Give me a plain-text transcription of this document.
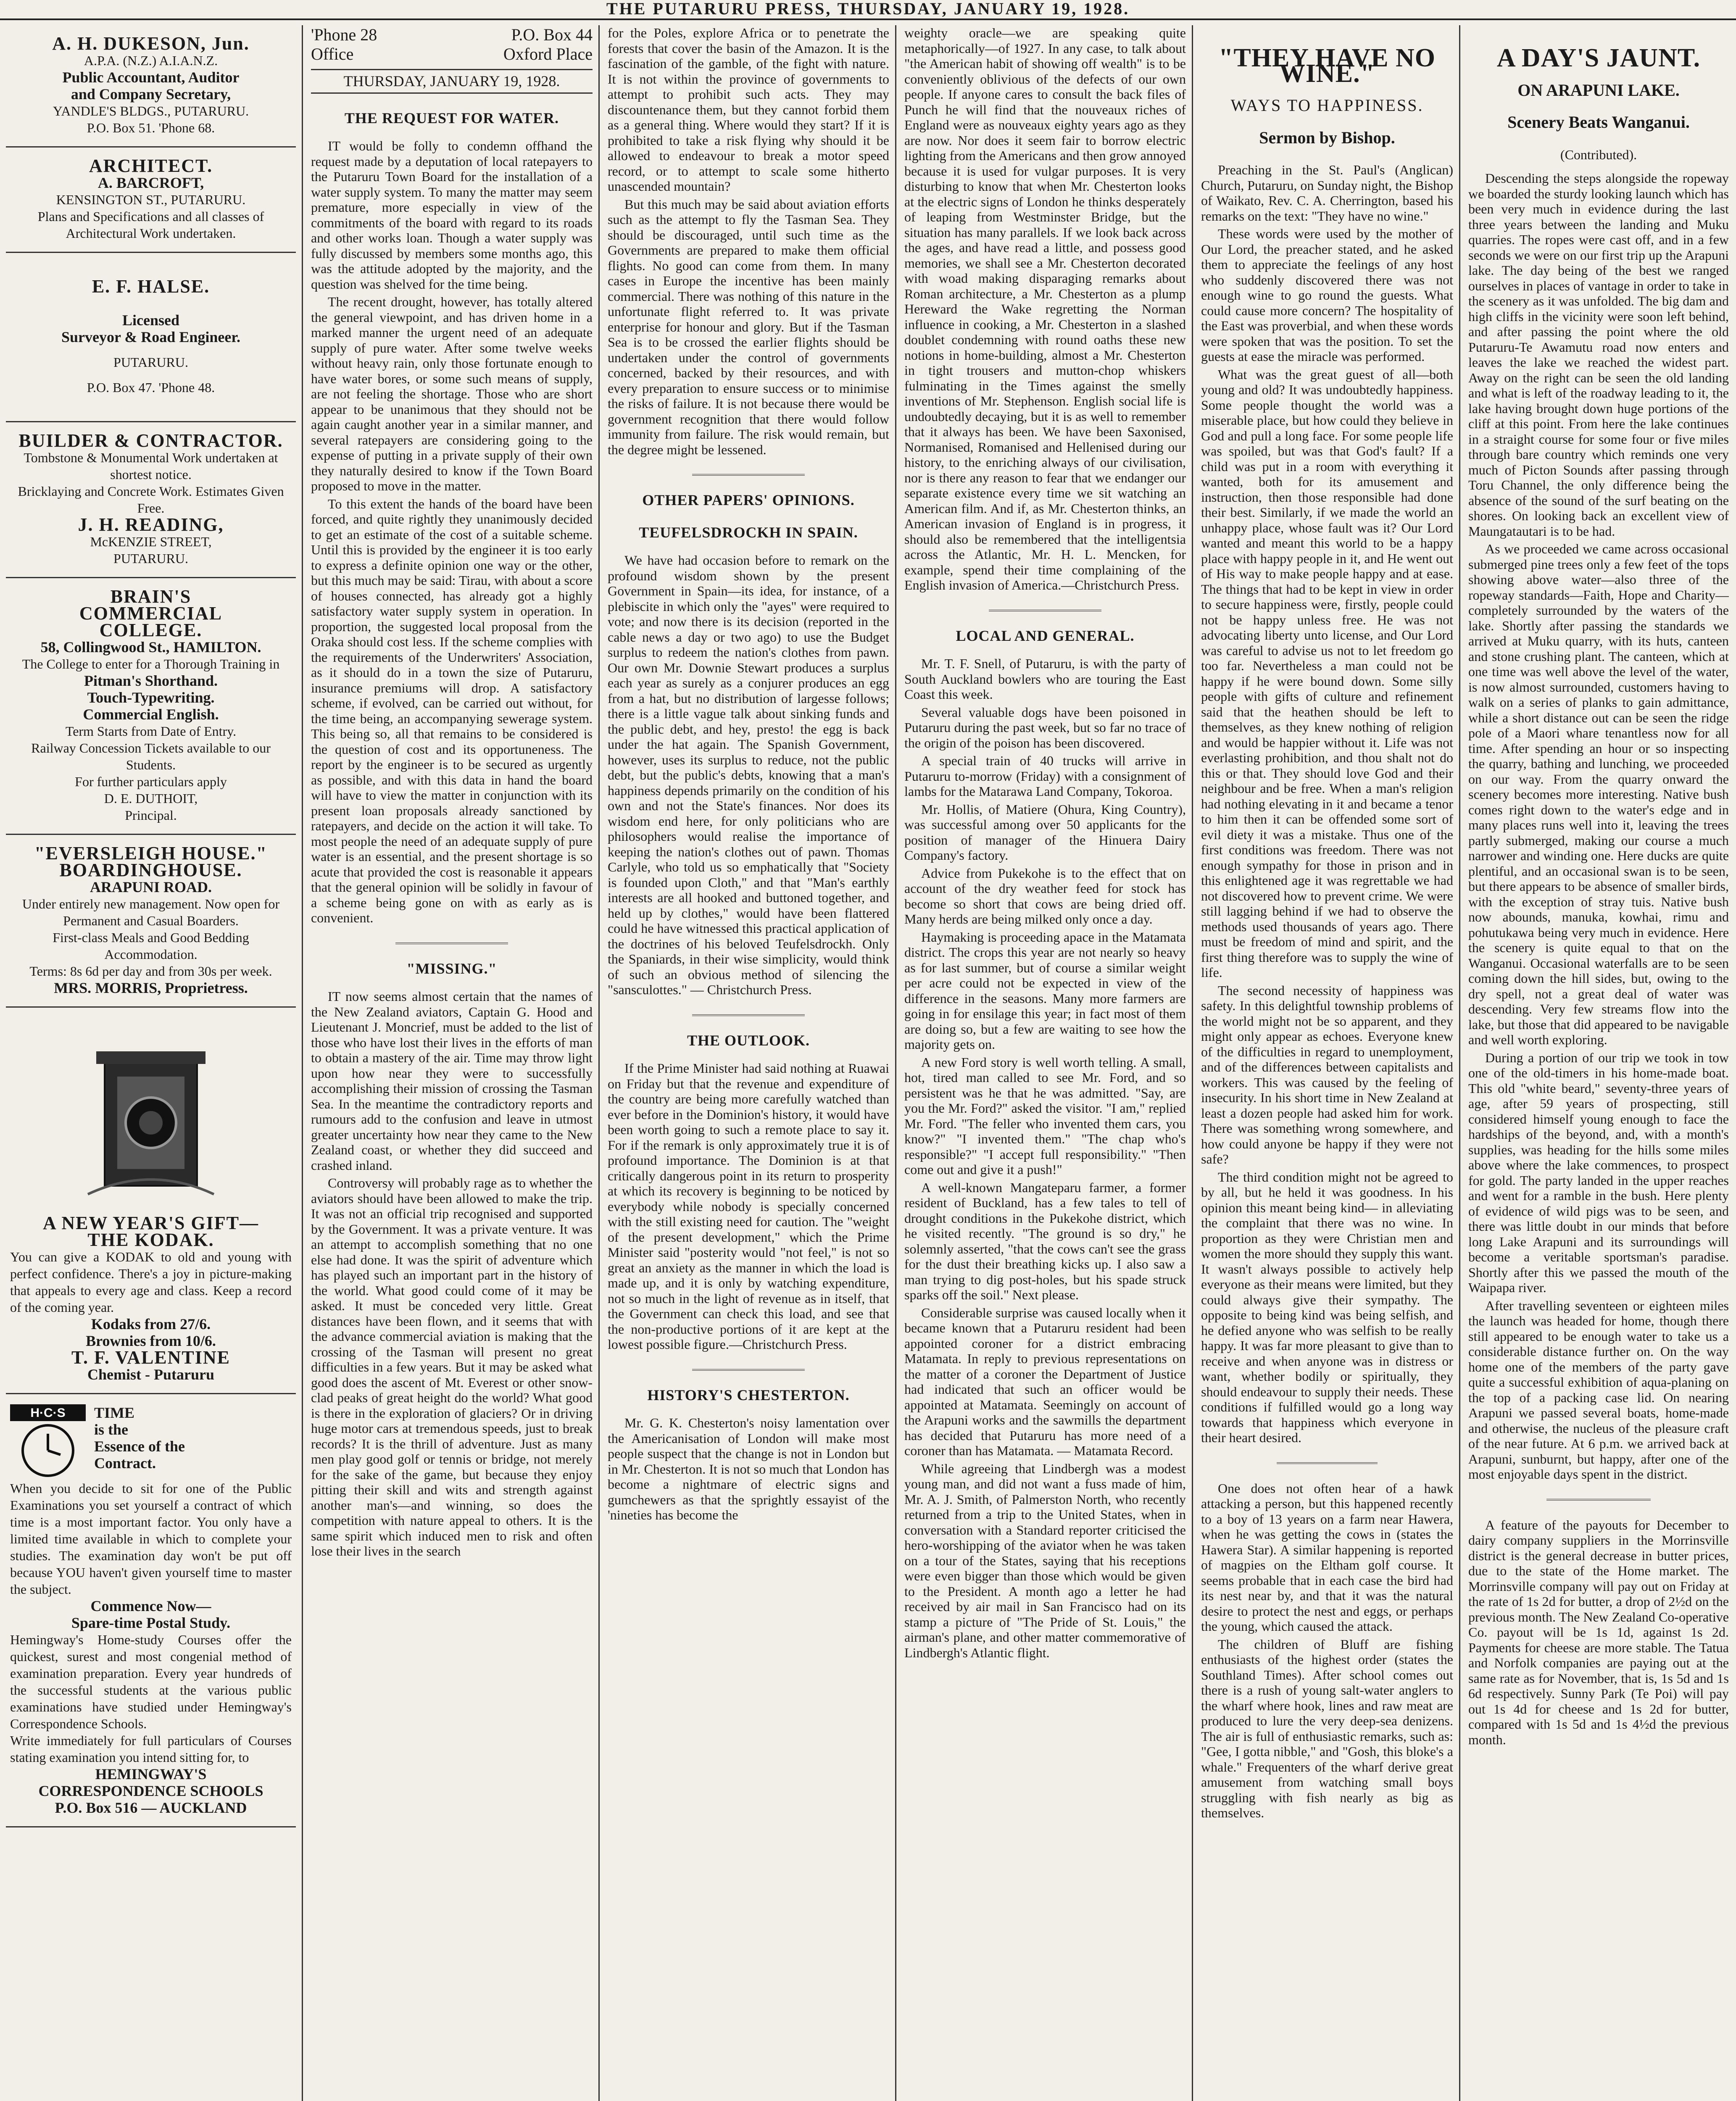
THE PUTARURU PRESS, THURSDAY, JANUARY 19, 1928.
A. H. DUKESON, Jun.
A.P.A. (N.Z.) A.I.A.N.Z.
Public Accountant, Auditor
and Company Secretary,
YANDLE'S BLDGS., PUTARURU.
P.O. Box 51. 'Phone 68.
ARCHITECT.
A. BARCROFT,
KENSINGTON ST., PUTARURU.
Plans and Specifications and all classes of Architectural Work undertaken.
E. F. HALSE.
Licensed
Surveyor & Road Engineer.
PUTARURU.
P.O. Box 47. 'Phone 48.
BUILDER & CONTRACTOR.
Tombstone & Monumental Work undertaken at shortest notice.
Bricklaying and Concrete Work. Estimates Given Free.
J. H. READING,
McKENZIE STREET,
PUTARURU.
BRAIN'S
COMMERCIAL
COLLEGE.
58, Collingwood St., HAMILTON.
The College to enter for a Thorough Training in
Pitman's Shorthand.
Touch-Typewriting.
Commercial English.
Term Starts from Date of Entry.
Railway Concession Tickets available to our Students.
For further particulars apply
D. E. DUTHOIT,
Principal.
"EVERSLEIGH HOUSE."
BOARDINGHOUSE.
ARAPUNI ROAD.
Under entirely new management. Now open for Permanent and Casual Boarders.
First-class Meals and Good Bedding Accommodation.
Terms: 8s 6d per day and from 30s per week.
MRS. MORRIS, Proprietress.
A NEW YEAR'S GIFT—
THE KODAK.
You can give a KODAK to old and young with perfect confidence. There's a joy in picture-making that appeals to every age and class. Keep a record of the coming year.
Kodaks from 27/6.
Brownies from 10/6.
T. F. VALENTINE
Chemist - Putaruru
H·C·S TIME
is the
Essence of the
Contract.
When you decide to sit for one of the Public Examinations you set yourself a contract of which time is a most important factor. You only have a limited time available in which to complete your studies. The examination day won't be put off because YOU haven't given yourself time to master the subject.
Commence Now—
Spare-time Postal Study.
Hemingway's Home-study Courses offer the quickest, surest and most congenial method of examination preparation. Every year hundreds of the successful students at the various public examinations have studied under Hemingway's Correspondence Schools.
Write immediately for full particulars of Courses stating examination you intend sitting for, to
HEMINGWAY'S
CORRESPONDENCE SCHOOLS
P.O. Box 516 — AUCKLAND
'Phone 28	P.O. Box 44
Office	Oxford Place
THURSDAY, JANUARY 19, 1928.
THE REQUEST FOR WATER.

IT would be folly to condemn offhand the request made by a deputation of local ratepayers to the Putaruru Town Board for the installation of a water supply system. To many the matter may seem premature, more especially in view of the commitments of the board with regard to its roads and other works loan. Though a water supply was fully discussed by members some months ago, this was the attitude adopted by the majority, and the question was shelved for the time being.

The recent drought, however, has totally altered the general viewpoint, and has driven home in a marked manner the urgent need of an adequate supply of pure water. After some twelve weeks without heavy rain, only those fortunate enough to have water bores, or some such means of supply, are not feeling the shortage. Those who are short appear to be unanimous that they should not be again caught another year in a similar manner, and several ratepayers are considering going to the expense of putting in a private supply of their own they naturally desired to know if the Town Board proposed to move in the matter.

To this extent the hands of the board have been forced, and quite rightly they unanimously decided to get an estimate of the cost of a suitable scheme. Until this is provided by the engineer it is too early to express a definite opinion one way or the other, but this much may be said: Tirau, with about a score of houses connected, has already got a highly satisfactory water supply system in operation. In proportion, the suggested local proposal from the Oraka should cost less. If the scheme complies with the requirements of the Underwriters' Association, as it should do in a town the size of Putaruru, insurance premiums will drop. A satisfactory scheme, if evolved, can be carried out without, for the time being, an accompanying sewerage system. This being so, all that remains to be considered is the question of cost and its opportuneness. The report by the engineer is to be secured as urgently as possible, and with this data in hand the board will have to view the matter in conjunction with its present loan proposals already sanctioned by ratepayers, and decide on the action it will take. To most people the need of an adequate supply of pure water is an essential, and the present shortage is so acute that provided the cost is reasonable it appears that the general opinion will be solidly in favour of a scheme being gone on with as early as is convenient.

"MISSING."

IT now seems almost certain that the names of the New Zealand aviators, Captain G. Hood and Lieutenant J. Moncrief, must be added to the list of those who have lost their lives in the efforts of man to obtain a mastery of the air. Time may throw light upon how near they were to successfully accomplishing their mission of crossing the Tasman Sea. In the meantime the contradictory reports and rumours add to the confusion and leave in utmost greater uncertainty how near they came to the New Zealand coast, or whether they did succeed and crashed inland.

Controversy will probably rage as to whether the aviators should have been allowed to make the trip. It was not an official trip recognised and supported by the Government. It was a private venture. It was an attempt to accomplish something that no one else had done. It was the spirit of adventure which has played such an important part in the history of the world. What good could come of it may be asked. It must be conceded very little. Great distances have been flown, and it seems that with the advance commercial aviation is making that the crossing of the Tasman will present no great difficulties in a few years. But it may be asked what good does the ascent of Mt. Everest or other snow-clad peaks of great height do the world? What good is there in the exploration of glaciers? Or in driving huge motor cars at tremendous speeds, just to break records? It is the thrill of adventure. Just as many men play good golf or tennis or bridge, not merely for the sake of the game, but because they enjoy pitting their skill and wits and strength against another man's—and winning, so does the competition with nature appeal to others. It is the same spirit which induced men to risk and often lose their lives in the search

for the Poles, explore Africa or to penetrate the forests that cover the basin of the Amazon. It is the fascination of the gamble, of the fight with nature. It is not within the province of governments to attempt to prohibit such acts. They may discountenance them, but they cannot forbid them as a general thing. Where would they start? If it is prohibited to take a risk flying why should it be allowed to endeavour to break a motor speed record, or to attempt to scale some hitherto unascended mountain?

But this much may be said about aviation efforts such as the attempt to fly the Tasman Sea. They should be discouraged, until such time as the Governments are prepared to make them official flights. No good can come from them. In many cases in Europe the incentive has been mainly commercial. There was nothing of this nature in the unfortunate flight referred to. It was private enterprise for honour and glory. But if the Tasman Sea is to be crossed the earlier flights should be undertaken under the control of governments concerned, backed by their resources, and with every preparation to ensure success or to minimise the risks of failure. It is not because there would be government recognition that there would follow immunity from failure. The risk would remain, but the degree might be lessened.

OTHER PAPERS' OPINIONS.
TEUFELSDROCKH IN SPAIN.

We have had occasion before to remark on the profound wisdom shown by the present Government in Spain—its idea, for instance, of a plebiscite in which only the "ayes" were required to vote; and now there is its decision (reported in the cable news a day or two ago) to use the Budget surplus to redeem the nation's clothes from pawn. Our own Mr. Downie Stewart produces a surplus each year as surely as a conjurer produces an egg from a hat, but no distribution of largesse follows; there is a little vague talk about sinking funds and the public debt, and hey, presto! the egg is back under the hat again. The Spanish Government, however, uses its surplus to reduce, not the public debt, but the public's debts, knowing that a man's happiness depends primarily on the condition of his own and not the State's finances. Nor does its wisdom end here, for only politicians who are philosophers would realise the importance of keeping the nation's clothes out of pawn. Thomas Carlyle, who told us so emphatically that "Society is founded upon Cloth," and that "Man's earthly interests are all hooked and buttoned together, and held up by clothes," would have been flattered could he have witnessed this practical application of the doctrines of his beloved Teufelsdrockh. Only the Spaniards, in their wise simplicity, would think of such an obvious method of silencing the "sansculottes." — Christchurch Press.

THE OUTLOOK.

If the Prime Minister had said nothing at Ruawai on Friday but that the revenue and expenditure of the country are being more carefully watched than ever before in the Dominion's history, it would have been worth going to such a remote place to say it. For if the remark is only approximately true it is of profound importance. The Dominion is at that critically dangerous point in its return to prosperity at which its recovery is beginning to be noticed by everybody while nobody is specially concerned with the still existing need for caution. The "weight of the present development," which the Prime Minister said "posterity would "not feel," is not so great an anxiety as the manner in which the load is made up, and it is only by watching expenditure, not so much in the light of revenue as in itself, that the Government can check this load, and see that the non-productive portions of it are kept at the lowest possible figure.—Christchurch Press.

HISTORY'S CHESTERTON.

Mr. G. K. Chesterton's noisy lamentation over the Americanisation of London will make most people suspect that the change is not in London but in Mr. Chesterton. It is not so much that London has become a nightmare of electric signs and gumchewers as that the sprightly essayist of the 'nineties has become the

weighty oracle—we are speaking quite metaphorically—of 1927. In any case, to talk about "the American habit of showing off wealth" is to be conveniently oblivious of the defects of our own people. If anyone cares to consult the back files of Punch he will find that the nouveaux riches of England were as nouveaux eighty years ago as they are now. Nor does it seem fair to borrow electric lighting from the Americans and then grow annoyed because it is used for vulgar purposes. It is very disturbing to know that when Mr. Chesterton looks at the electric signs of London he thinks desperately of leaping from Westminster Bridge, but the situation has many parallels. If we look back across the ages, and have read a little, and possess good memories, we shall see a Mr. Chesterton decorated with woad making disparaging remarks about Roman architecture, a Mr. Chesterton as a plump Hereward the Wake regretting the Norman influence in cooking, a Mr. Chesterton in a slashed doublet condemning with round oaths these new notions in home-building, almost a Mr. Chesterton in tight trousers and mutton-chop whiskers fulminating in the Times against the smelly inventions of Mr. Stephenson. English social life is undoubtedly decaying, but it is as well to remember that it always has been. We have been Saxonised, Normanised, Romanised and Hellenised during our history, to the enriching always of our civilisation, nor is there any reason to fear that we endanger our separate existence every time we sit watching an American film. And if, as Mr. Chesterton thinks, an American invasion of England is in progress, it should also be remembered that the intelligentsia across the Atlantic, Mr. H. L. Mencken, for example, spend their time complaining of the English invasion of America.—Christchurch Press.

LOCAL AND GENERAL.

Mr. T. F. Snell, of Putaruru, is with the party of South Auckland bowlers who are touring the East Coast this week.

Several valuable dogs have been poisoned in Putaruru during the past week, but so far no trace of the origin of the poison has been discovered.

A special train of 40 trucks will arrive in Putaruru to-morrow (Friday) with a consignment of lambs for the Matarawa Land Company, Tokoroa.

Mr. Hollis, of Matiere (Ohura, King Country), was successful among over 50 applicants for the position of manager of the Hinuera Dairy Company's factory.

Advice from Pukekohe is to the effect that on account of the dry weather feed for stock has become so short that cows are being dried off. Many herds are being milked only once a day.

Haymaking is proceeding apace in the Matamata district. The crops this year are not nearly so heavy as for last summer, but of course a similar weight per acre could not be expected in view of the difference in the seasons. Many more farmers are going in for ensilage this year; in fact most of them are doing so, but a few are waiting to see how the majority gets on.

A new Ford story is well worth telling. A small, hot, tired man called to see Mr. Ford, and so persistent was he that he was admitted. "Say, are you the Mr. Ford?" asked the visitor. "I am," replied Mr. Ford. "The feller who invented them cars, you know?" "I invented them." "The chap who's responsible?" "I accept full responsibility." "Then come out and give it a push!"

A well-known Mangateparu farmer, a former resident of Buckland, has a few tales to tell of drought conditions in the Pukekohe district, which he visited recently. "The ground is so dry," he solemnly asserted, "that the cows can't see the grass for the dust their breathing kicks up. I also saw a man trying to dig post-holes, but his spade struck sparks off the soil." Next please.

Considerable surprise was caused locally when it became known that a Putaruru resident had been appointed coroner for a district embracing Matamata. In reply to previous representations on the matter of a coroner the Department of Justice had indicated that such an officer would be appointed at Matamata. Seemingly on account of the Arapuni works and the sawmills the department has decided that Putaruru has more need of a coroner than has Matamata. — Matamata Record.

While agreeing that Lindbergh was a modest young man, and did not want a fuss made of him, Mr. A. J. Smith, of Palmerston North, who recently returned from a trip to the United States, when in conversation with a Standard reporter criticised the hero-worshipping of the aviator when he was taken on a tour of the States, saying that his receptions were even bigger than those which would be given to the President. A month ago a letter he had received by air mail in San Francisco had on its stamp a picture of "The Pride of St. Louis," the airman's plane, and other matter commemorative of Lindbergh's Atlantic flight.

"THEY HAVE NO WINE."
WAYS TO HAPPINESS.
Sermon by Bishop.

Preaching in the St. Paul's (Anglican) Church, Putaruru, on Sunday night, the Bishop of Waikato, Rev. C. A. Cherrington, based his remarks on the text: "They have no wine."

These words were used by the mother of Our Lord, the preacher stated, and he asked them to appreciate the feelings of any host who suddenly discovered there was not enough wine to go round the guests. What could cause more concern? The hospitality of the East was proverbial, and when these words were spoken that was the position. To set the guests at ease the miracle was performed.

What was the great guest of all—both young and old? It was undoubtedly happiness. Some people thought the world was a miserable place, but how could they believe in God and pull a long face. For some people life was spoiled, but was that God's fault? If a child was put in a room with everything it wanted, both for its amusement and instruction, then those responsible had done their best. Similarly, if we made the world an unhappy place, whose fault was it? Our Lord wanted and meant this world to be a happy place with happy people in it, and He went out of His way to make people happy and at ease. The things that had to be kept in view in order to secure happiness were, firstly, people could not be happy unless free. He was not advocating liberty unto license, and Our Lord was careful to advise us not to let freedom go too far. Nevertheless a man could not be happy if he were bound down. Some silly people with gifts of culture and refinement said that the heathen should be left to themselves, as they knew nothing of religion and would be happier without it. Life was not everlasting prohibition, and thou shalt not do this or that. They should love God and their neighbour and be free. When a man's religion had nothing elevating in it and became a tenor to him then it can be offended some sort of evil diety it was a mistake. Thus one of the first conditions was freedom. There was not enough sympathy for those in prison and in this enlightened age it was regrettable we had not discovered how to prevent crime. We were still lagging behind if we had to observe the methods used thousands of years ago. There must be freedom of mind and spirit, and the first thing therefore was to supply the wine of life.

The second necessity of happiness was safety. In this delightful township problems of the world might not be so apparent, and they might only appear as echoes. Everyone knew of the difficulties in regard to unemployment, and of the differences between capitalists and workers. This was caused by the feeling of insecurity. In his short time in New Zealand at least a dozen people had asked him for work. There was something wrong somewhere, and how could anyone be happy if they were not safe?

The third condition might not be agreed to by all, but he held it was goodness. In his opinion this meant being kind— in alleviating the complaint that there was no wine. In proportion as they were Christian men and women the more should they supply this want. It wasn't always possible to actively help everyone as their means were limited, but they could always give their sympathy. The opposite to being kind was being selfish, and he defied anyone who was selfish to be really happy. It was far more pleasant to give than to receive and when anyone was in distress or want, whether bodily or spiritually, they should endeavour to supply their needs. These conditions if fulfilled would go a long way towards that happiness which everyone in their heart desired.

One does not often hear of a hawk attacking a person, but this happened recently to a boy of 13 years on a farm near Hawera, when he was getting the cows in (states the Hawera Star). A similar happening is reported of magpies on the Eltham golf course. It seems probable that in each case the bird had its nest near by, and that it was the natural desire to protect the nest and eggs, or perhaps the young, which caused the attack.

The children of Bluff are fishing enthusiasts of the highest order (states the Southland Times). After school comes out there is a rush of young salt-water anglers to the wharf where hook, lines and raw meat are produced to lure the very deep-sea denizens. The air is full of enthusiastic remarks, such as: "Gee, I gotta nibble," and "Gosh, this bloke's a whale." Frequenters of the wharf derive great amusement from watching small boys struggling with fish nearly as big as themselves.

A DAY'S JAUNT.
ON ARAPUNI LAKE.
Scenery Beats Wanganui.
(Contributed).

Descending the steps alongside the ropeway we boarded the sturdy looking launch which has been very much in evidence during the last three years between the landing and Muku quarries. The ropes were cast off, and in a few seconds we were on our first trip up the Arapuni lake. The day being of the best we ranged ourselves in places of vantage in order to take in the scenery as it was unfolded. The big dam and high cliffs in the vicinity were soon left behind, and after passing the point where the old Putaruru-Te Awamutu road now enters and leaves the lake we reached the widest part. Away on the right can be seen the old landing and what is left of the roadway leading to it, the lake having brought down huge portions of the cliff at this point. From here the lake continues in a straight course for some four or five miles through bare country which reminds one very much of Picton Sounds after passing through Toru Channel, the only difference being the absence of the sound of the surf beating on the shores. On looking back an excellent view of Maungatautari is to be had.

As we proceeded we came across occasional submerged pine trees only a few feet of the tops showing above water—also three of the ropeway standards—Faith, Hope and Charity—completely surrounded by the waters of the lake. Shortly after passing the standards we arrived at Muku quarry, with its huts, canteen and stone crushing plant. The canteen, which at one time was well above the level of the water, is now almost surrounded, customers having to walk on a series of planks to gain admittance, while a short distance out can be seen the ridge pole of a Maori whare tenantless now for all time. After spending an hour or so inspecting the quarry, bathing and lunching, we proceeded on our way. From the quarry onward the scenery becomes more interesting. Native bush comes right down to the water's edge and in many places runs well into it, leaving the trees partly submerged, making our course a much narrower and winding one. Here ducks are quite plentiful, and an occasional swan is to be seen, but there appears to be absence of smaller birds, with the exception of stray tuis. Native bush now abounds, manuka, kowhai, rimu and pohutukawa being very much in evidence. Here the scenery is quite equal to that on the Wanganui. Occasional waterfalls are to be seen coming down the hill sides, but, owing to the dry spell, not a great deal of water was descending. Very few streams flow into the lake, but those that did appeared to be navigable and well worth exploring.

During a portion of our trip we took in tow one of the old-timers in his home-made boat. This old "white beard," seventy-three years of age, after 59 years of prospecting, still considered himself young enough to face the hardships of the beyond, and, with a month's supplies, was heading for the hills some miles above where the lake commences, to prospect for gold. The party landed in the upper reaches and went for a ramble in the bush. Here plenty of evidence of wild pigs was to be seen, and there was little doubt in our minds that before long Lake Arapuni and its surroundings will become a veritable sportsman's paradise. Shortly after this we passed the mouth of the Waipapa river.

After travelling seventeen or eighteen miles the launch was headed for home, though there still appeared to be enough water to take us a considerable distance further on. On the way home one of the members of the party gave quite a successful exhibition of aqua-planing on the top of a packing case lid. On nearing Arapuni we passed several boats, home-made and otherwise, the nucleus of the pleasure craft of the near future. At 6 p.m. we arrived back at Arapuni, sunburnt, but happy, after one of the most enjoyable days spent in the district.

A feature of the payouts for December to dairy company suppliers in the Morrinsville district is the general decrease in butter prices, due to the state of the Home market. The Morrinsville company will pay out on Friday at the rate of 1s 2d for butter, a drop of 2½d on the previous month. The New Zealand Co-operative Co. payout will be 1s 1d, against 1s 2d. Payments for cheese are more stable. The Tatua and Norfolk companies are paying out at the same rate as for November, that is, 1s 5d and 1s 6d respectively. Sunny Park (Te Poi) will pay out 1s 4d for cheese and 1s 2d for butter, compared with 1s 5d and 1s 4½d the previous month.
